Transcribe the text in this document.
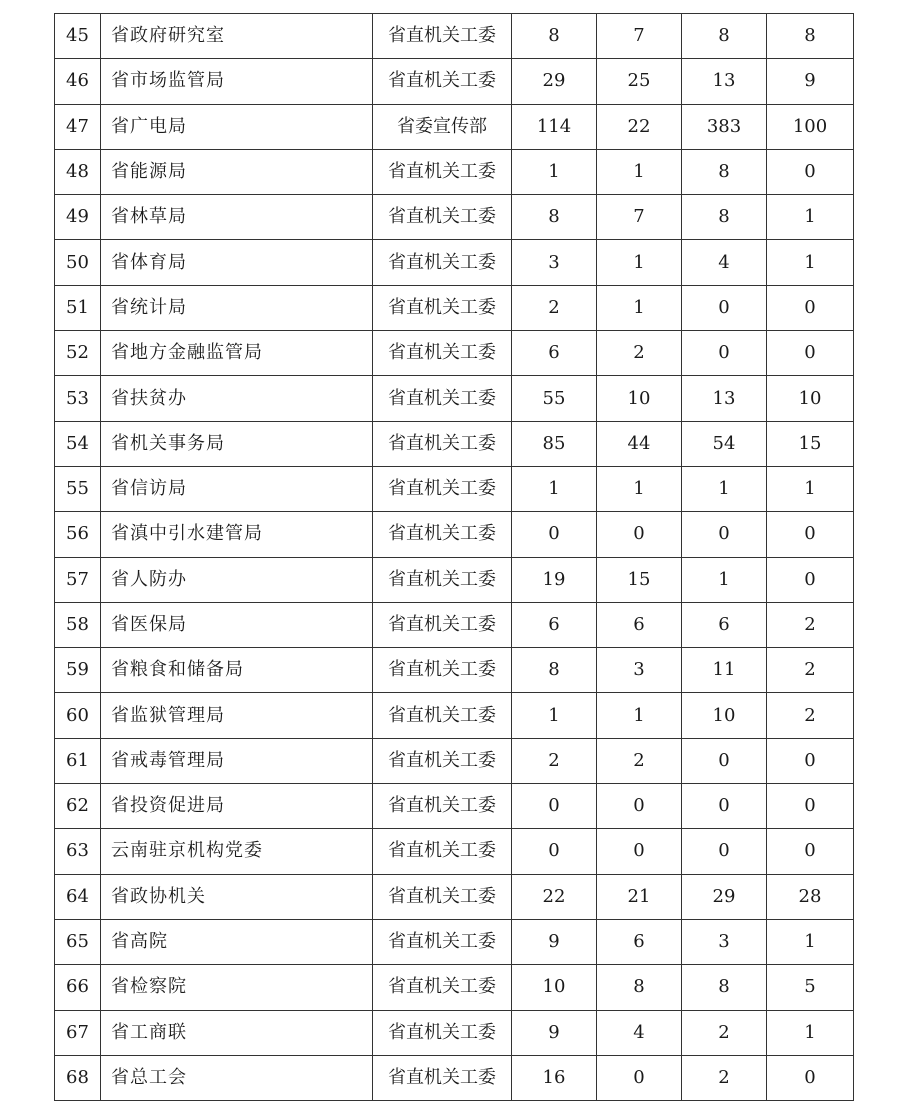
45	省政府研究室	省直机关工委	8	7	8	8
46	省市场监管局	省直机关工委	29	25	13	9
47	省广电局	省委宣传部	114	22	383	100
48	省能源局	省直机关工委	1	1	8	0
49	省林草局	省直机关工委	8	7	8	1
50	省体育局	省直机关工委	3	1	4	1
51	省统计局	省直机关工委	2	1	0	0
52	省地方金融监管局	省直机关工委	6	2	0	0
53	省扶贫办	省直机关工委	55	10	13	10
54	省机关事务局	省直机关工委	85	44	54	15
55	省信访局	省直机关工委	1	1	1	1
56	省滇中引水建管局	省直机关工委	0	0	0	0
57	省人防办	省直机关工委	19	15	1	0
58	省医保局	省直机关工委	6	6	6	2
59	省粮食和储备局	省直机关工委	8	3	11	2
60	省监狱管理局	省直机关工委	1	1	10	2
61	省戒毒管理局	省直机关工委	2	2	0	0
62	省投资促进局	省直机关工委	0	0	0	0
63	云南驻京机构党委	省直机关工委	0	0	0	0
64	省政协机关	省直机关工委	22	21	29	28
65	省高院	省直机关工委	9	6	3	1
66	省检察院	省直机关工委	10	8	8	5
67	省工商联	省直机关工委	9	4	2	1
68	省总工会	省直机关工委	16	0	2	0
